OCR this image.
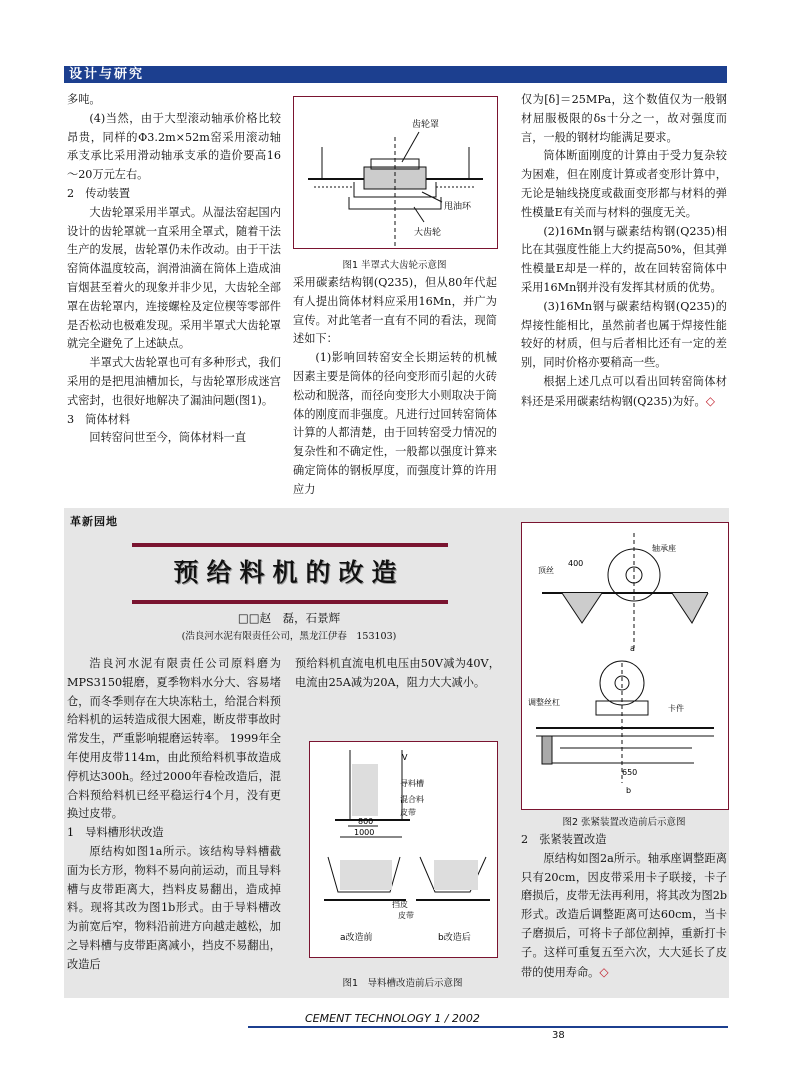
设计与研究

多吨。

(4)当然，由于大型滚动轴承价格比较昂贵，同样的Φ3.2m×52m窑采用滚动轴承支承比采用滑动轴承支承的造价要高16～20万元左右。

2　传动装置

大齿轮罩采用半罩式。从湿法窑起国内设计的齿轮罩就一直采用全罩式，随着干法生产的发展，齿轮罩仍未作改动。由于干法窑筒体温度较高，润滑油滴在筒体上造成油盲烟甚至着火的现象并非少见，大齿轮全部罩在齿轮罩内，连接螺栓及定位楔等零部件是否松动也极难发现。采用半罩式大齿轮罩就完全避免了上述缺点。

半罩式大齿轮罩也可有多种形式，我们采用的是把甩油槽加长，与齿轮罩形成迷宫式密封，也很好地解决了漏油问题(图1)。

3　筒体材料

回转窑问世至今，筒体材料一直

齿轮罩
甩油环
大齿轮
图1 半罩式大齿轮示意图

采用碳素结构钢(Q235)，但从80年代起有人提出筒体材料应采用16Mn，并广为宣传。对此笔者一直有不同的看法，现简述如下：

(1)影响回转窑安全长期运转的机械因素主要是筒体的径向变形而引起的火砖松动和脱落，而径向变形大小则取决于筒体的刚度而非强度。凡进行过回转窑筒体计算的人都清楚，由于回转窑受力情况的复杂性和不确定性，一般都以强度计算来确定筒体的钢板厚度，而强度计算的许用应力

仅为[δ]＝25MPa，这个数值仅为一般钢材屈服极限的δs十分之一，故对强度而言，一般的钢材均能满足要求。

筒体断面刚度的计算由于受力复杂较为困难，但在刚度计算或者变形计算中，无论是轴线挠度或截面变形都与材料的弹性模量E有关而与材料的强度无关。

(2)16Mn钢与碳素结构钢(Q235)相比在其强度性能上大约提高50%，但其弹性模量E却是一样的，故在回转窑筒体中采用16Mn钢并没有发挥其材质的优势。

(3)16Mn钢与碳素结构钢(Q235)的焊接性能相比，虽然前者也属于焊接性能较好的材质，但与后者相比还有一定的差别，同时价格亦要稍高一些。

根据上述几点可以看出回转窑筒体材料还是采用碳素结构钢(Q235)为好。◇

革新园地
预给料机的改造
□□赵　磊，石景辉
(浩良河水泥有限责任公司，黑龙江伊春　153103)

浩良河水泥有限责任公司原料磨为MPS3150辊磨，夏季物料水分大、容易堵仓，而冬季则存在大块冻粘土，给混合料预给料机的运转造成很大困难，断皮带事故时常发生，严重影响辊磨运转率。 1999年全年使用皮带114m，由此预给料机事故造成停机达300h。经过2000年春检改造后，混合料预给料机已经平稳运行4个月，没有更换过皮带。

1　导料槽形状改造

原结构如图1a所示。该结构导料槽截面为长方形，物料不易向前运动，而且导料槽与皮带距离大，挡料皮易翻出，造成掉料。现将其改为图1b形式。由于导料槽改为前宽后窄，物料沿前进方向越走越松，加之导料槽与皮带距离减小，挡皮不易翻出，改造后

预给料机直流电机电压由50V减为40V，电流由25A减为20A，阻力大大减小。

V
导料槽
混合料
皮带
800
1000
挡皮
皮带
a改造前	b改造后
图1　导料槽改造前后示意图
轴承座
顶丝
400
a
调整丝杠
卡件
650
b
图2 张紧装置改造前后示意图

2　张紧装置改造

原结构如图2a所示。轴承座调整距离只有20cm，因皮带采用卡子联接，卡子磨损后，皮带无法再利用，将其改为图2b形式。改造后调整距离可达60cm，当卡子磨损后，可将卡子部位割掉，重新打卡子。这样可重复五至六次，大大延长了皮带的使用寿命。◇

CEMENT TECHNOLOGY 1 / 2002
38
